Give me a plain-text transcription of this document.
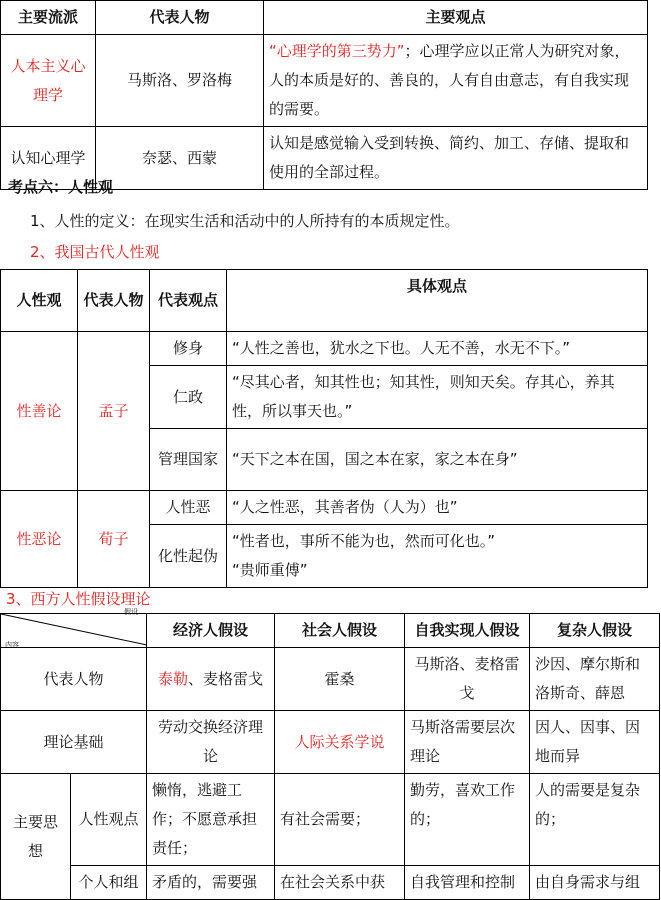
主要流派	代表人物	主要观点
人本主义心理学	马斯洛、罗洛梅	“心理学的第三势力”；心理学应以正常人为研究对象，人的本质是好的、善良的，人有自由意志，有自我实现的需要。
认知心理学	奈瑟、西蒙	认知是感觉输入受到转换、简约、加工、存储、提取和使用的全部过程。

考点六：人性观

1、人性的定义：在现实生活和活动中的人所持有的本质规定性。

2、我国古代人性观

人性观	代表人物	代表观点	具体观点
性善论	孟子	修身	“人性之善也，犹水之下也。人无不善，水无不下。”
		仁政	“尽其心者，知其性也；知其性，则知天矣。存其心，养其性，所以事天也。”
		管理国家	“天下之本在国，国之本在家，家之本在身”
性恶论	荀子	人性恶	“人之性恶，其善者伪（人为）也”
		化性起伪	“性者也，事所不能为也，然而可化也。”
“贵师重傅”

3、西方人性假设理论

假设
内容		经济人假设	社会人假设	自我实现人假设	复杂人假设
代表人物		泰勒、麦格雷戈	霍桑	马斯洛、麦格雷戈	沙因、摩尔斯和洛斯奇、薛恩
理论基础		劳动交换经济理论	人际关系学说	马斯洛需要层次理论	因人、因事、因地而异
主要思想	人性观点	懒惰，逃避工作；不愿意承担责任；	有社会需要；	勤劳，喜欢工作的；	人的需要是复杂的；
	个人和组	矛盾的，需要强	在社会关系中获	自我管理和控制	由自身需求与组
